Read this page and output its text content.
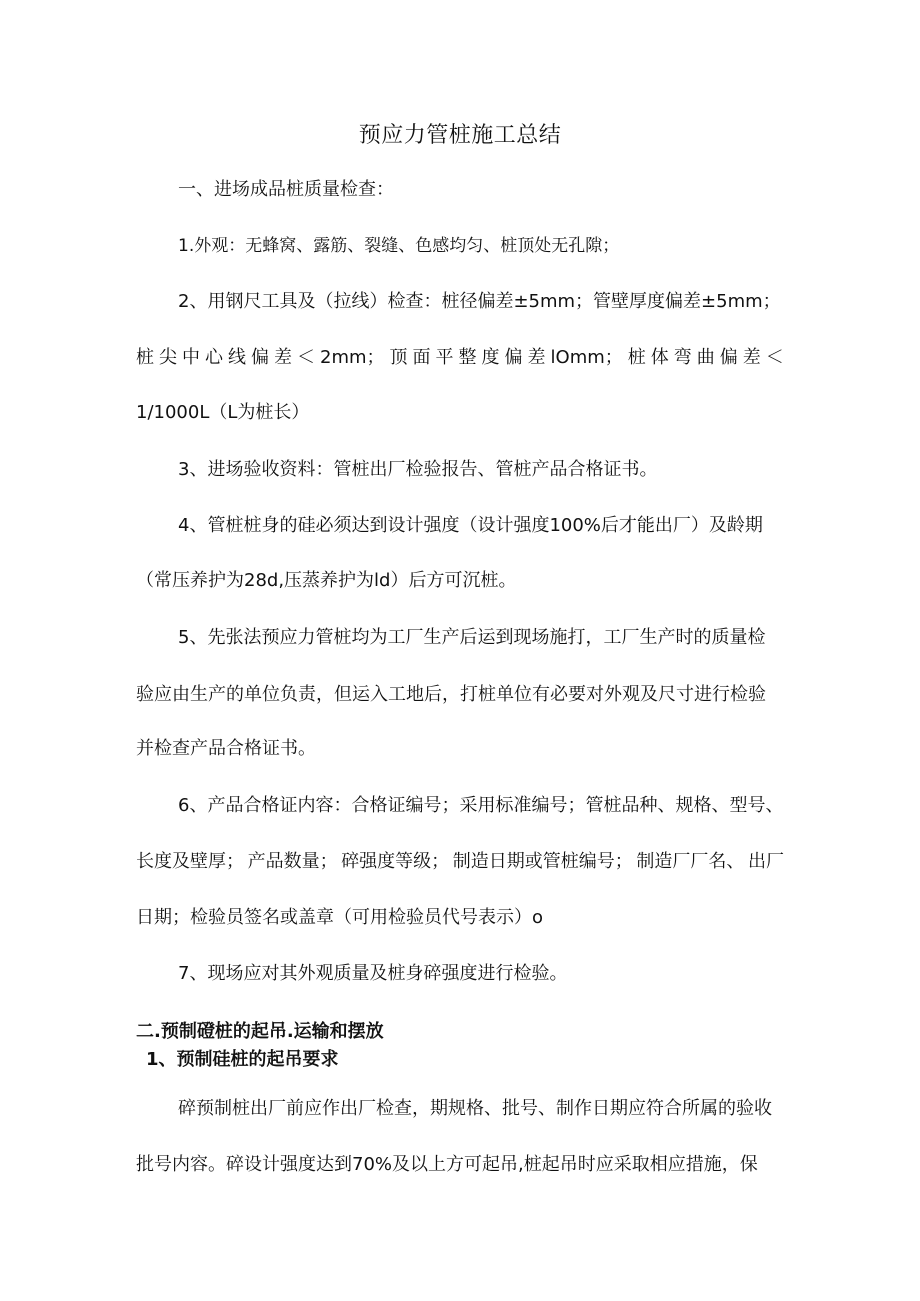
预应力管桩施工总结
一、进场成品桩质量检查：
1.外观：无蜂窝、露筋、裂缝、色感均匀、桩顶处无孔隙；
2、用钢尺工具及（拉线）检查：桩径偏差±5mm；管壁厚度偏差±5mm；
桩 尖 中 心 线 偏 差 ＜ 2mm； 顶 面 平 整 度 偏 差 lOmm； 桩 体 弯 曲 偏 差 ＜
1/1000L（L为桩长）
3、进场验收资料：管桩出厂检验报告、管桩产品合格证书。
4、管桩桩身的硅必须达到设计强度（设计强度100%后才能出厂）及龄期
（常压养护为28d,压蒸养护为ld）后方可沉桩。
5、先张法预应力管桩均为工厂生产后运到现场施打，工厂生产时的质量检
验应由生产的单位负责，但运入工地后，打桩单位有必要对外观及尺寸进行检验
并检查产品合格证书。
6、产品合格证内容：合格证编号；采用标准编号；管桩品种、规格、型号、
长度及壁厚； 产品数量； 碎强度等级； 制造日期或管桩编号； 制造厂厂名、 出厂
日期；检验员签名或盖章（可用检验员代号表示）o
7、现场应对其外观质量及桩身碎强度进行检验。
二.预制磴桩的起吊.运输和摆放
1、预制硅桩的起吊要求
碎预制桩出厂前应作出厂检查，期规格、批号、制作日期应符合所属的验收
批号内容。碎设计强度达到70%及以上方可起吊,桩起吊时应采取相应措施，保
